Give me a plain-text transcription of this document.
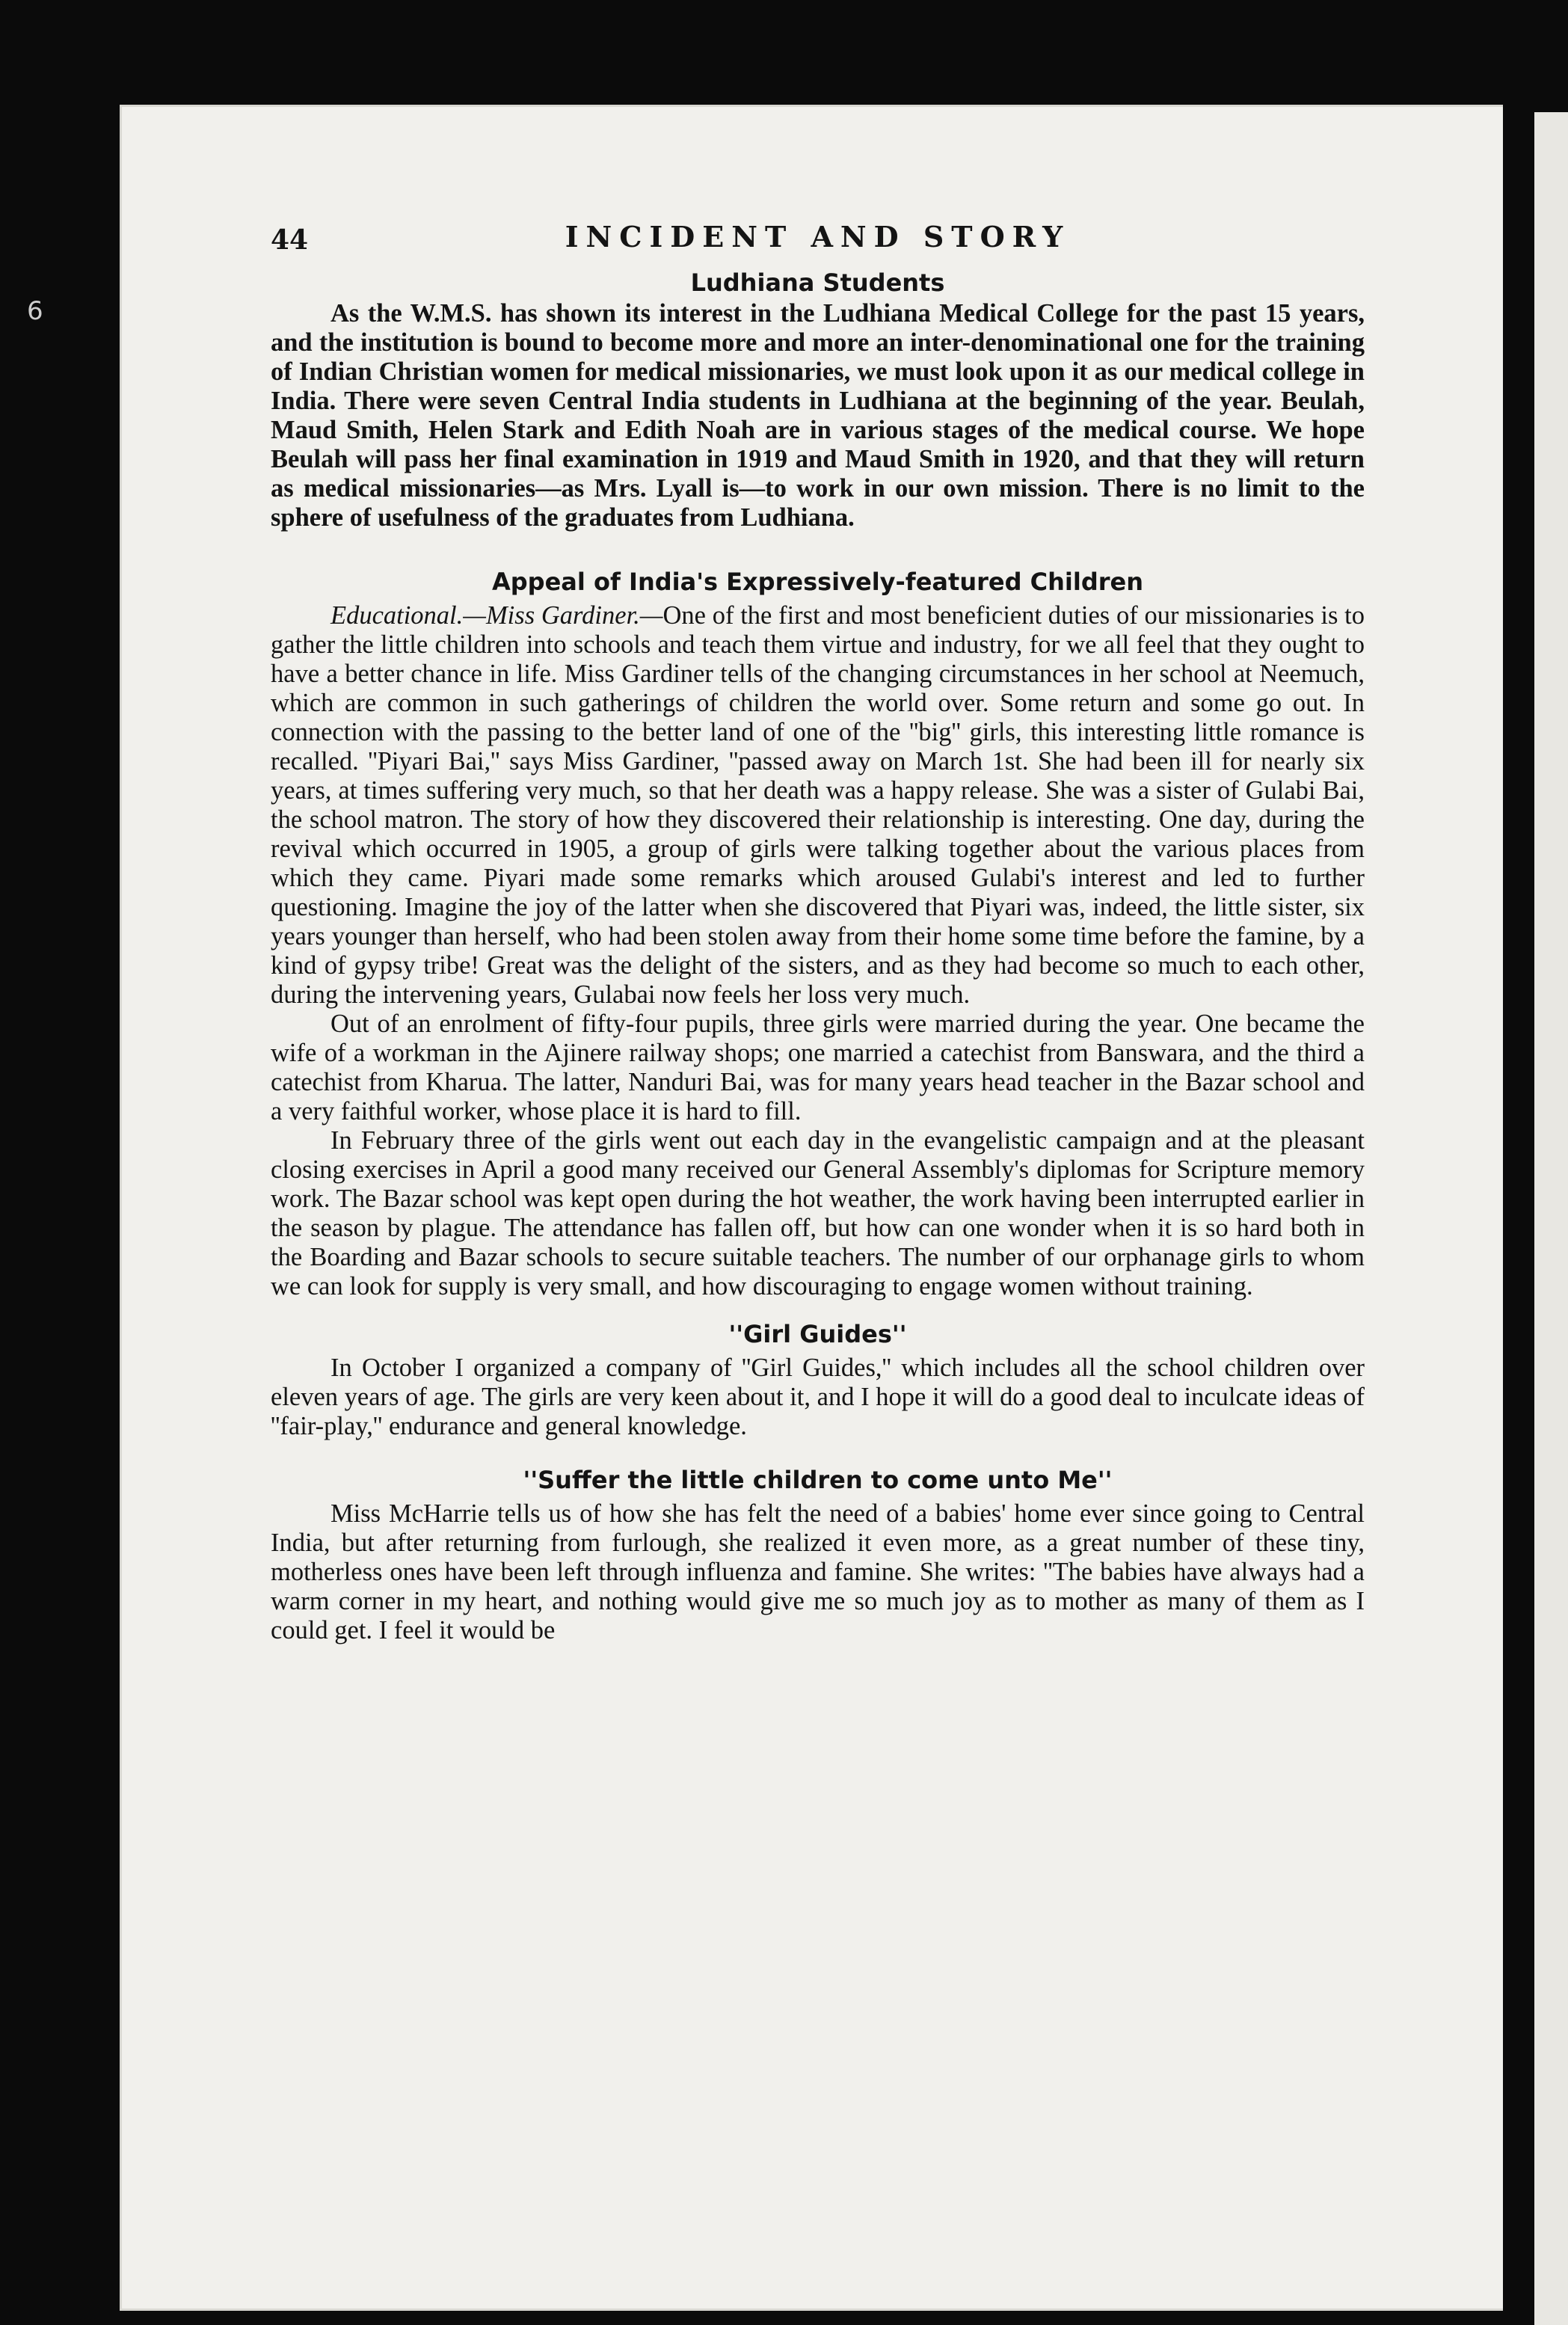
6
44	INCIDENT AND STORY
Ludhiana Students

As the W.M.S. has shown its interest in the Ludhiana Medical College for the past 15 years, and the institution is bound to become more and more an inter-denominational one for the training of Indian Christian women for medical missionaries, we must look upon it as our medical college in India. There were seven Central India students in Ludhiana at the beginning of the year. Beulah, Maud Smith, Helen Stark and Edith Noah are in various stages of the medical course. We hope Beulah will pass her final examination in 1919 and Maud Smith in 1920, and that they will return as medical missionaries—as Mrs. Lyall is—to work in our own mission. There is no limit to the sphere of usefulness of the graduates from Ludhiana.

Appeal of India's Expressively-featured Children

Educational.—Miss Gardiner.—One of the first and most beneficient duties of our missionaries is to gather the little children into schools and teach them virtue and industry, for we all feel that they ought to have a better chance in life. Miss Gardiner tells of the changing circumstances in her school at Neemuch, which are common in such gatherings of children the world over. Some return and some go out. In connection with the passing to the better land of one of the ''big'' girls, this interesting little romance is recalled. ''Piyari Bai,'' says Miss Gardiner, ''passed away on March 1st. She had been ill for nearly six years, at times suffering very much, so that her death was a happy release. She was a sister of Gulabi Bai, the school matron. The story of how they discovered their relationship is interesting. One day, during the revival which occurred in 1905, a group of girls were talking together about the various places from which they came. Piyari made some remarks which aroused Gulabi's interest and led to further questioning. Imagine the joy of the latter when she discovered that Piyari was, indeed, the little sister, six years younger than herself, who had been stolen away from their home some time before the famine, by a kind of gypsy tribe! Great was the delight of the sisters, and as they had become so much to each other, during the intervening years, Gulabai now feels her loss very much.

Out of an enrolment of fifty-four pupils, three girls were married during the year. One became the wife of a workman in the Ajinere railway shops; one married a catechist from Banswara, and the third a catechist from Kharua. The latter, Nanduri Bai, was for many years head teacher in the Bazar school and a very faithful worker, whose place it is hard to fill.

In February three of the girls went out each day in the evangelistic campaign and at the pleasant closing exercises in April a good many received our General Assembly's diplomas for Scripture memory work. The Bazar school was kept open during the hot weather, the work having been interrupted earlier in the season by plague. The attendance has fallen off, but how can one wonder when it is so hard both in the Boarding and Bazar schools to secure suitable teachers. The number of our orphanage girls to whom we can look for supply is very small, and how discouraging to engage women without training.

''Girl Guides''

In October I organized a company of ''Girl Guides,'' which includes all the school children over eleven years of age. The girls are very keen about it, and I hope it will do a good deal to inculcate ideas of ''fair-play,'' endurance and general knowledge.

''Suffer the little children to come unto Me''

Miss McHarrie tells us of how she has felt the need of a babies' home ever since going to Central India, but after returning from furlough, she realized it even more, as a great number of these tiny, motherless ones have been left through influenza and famine. She writes: ''The babies have always had a warm corner in my heart, and nothing would give me so much joy as to mother as many of them as I could get. I feel it would be
